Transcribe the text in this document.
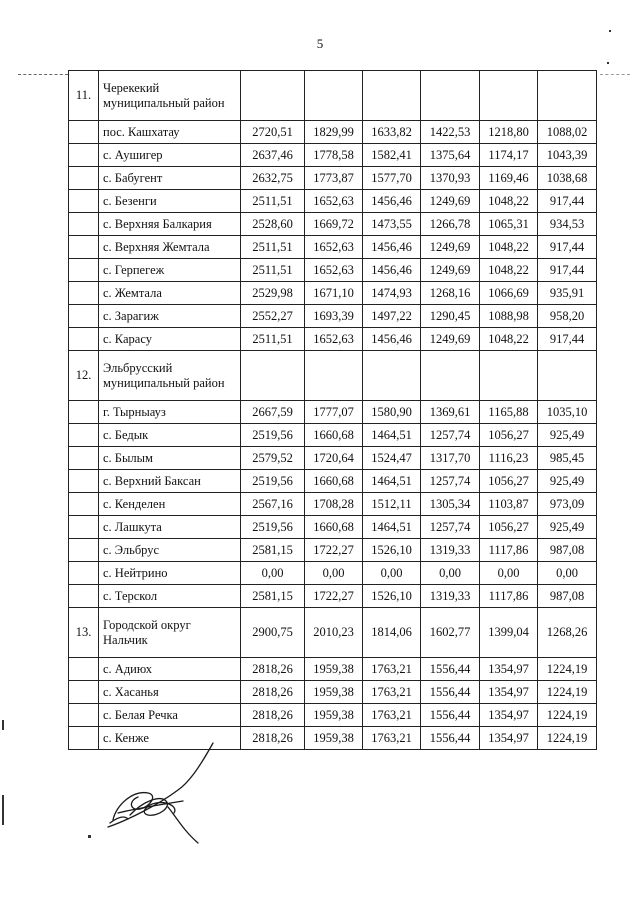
5
11.	Черекекий муниципальный район						
	пос. Кашхатау	2720,51	1829,99	1633,82	1422,53	1218,80	1088,02
	с. Аушигер	2637,46	1778,58	1582,41	1375,64	1174,17	1043,39
	с. Бабугент	2632,75	1773,87	1577,70	1370,93	1169,46	1038,68
	с. Безенги	2511,51	1652,63	1456,46	1249,69	1048,22	917,44
	с. Верхняя Балкария	2528,60	1669,72	1473,55	1266,78	1065,31	934,53
	с. Верхняя Жемтала	2511,51	1652,63	1456,46	1249,69	1048,22	917,44
	с. Герпегеж	2511,51	1652,63	1456,46	1249,69	1048,22	917,44
	с. Жемтала	2529,98	1671,10	1474,93	1268,16	1066,69	935,91
	с. Зарагиж	2552,27	1693,39	1497,22	1290,45	1088,98	958,20
	с. Карасу	2511,51	1652,63	1456,46	1249,69	1048,22	917,44
12.	Эльбрусский муниципальный район						
	г. Тырныауз	2667,59	1777,07	1580,90	1369,61	1165,88	1035,10
	с. Бедык	2519,56	1660,68	1464,51	1257,74	1056,27	925,49
	с. Былым	2579,52	1720,64	1524,47	1317,70	1116,23	985,45
	с. Верхний Баксан	2519,56	1660,68	1464,51	1257,74	1056,27	925,49
	с. Кенделен	2567,16	1708,28	1512,11	1305,34	1103,87	973,09
	с. Лашкута	2519,56	1660,68	1464,51	1257,74	1056,27	925,49
	с. Эльбрус	2581,15	1722,27	1526,10	1319,33	1117,86	987,08
	с. Нейтрино	0,00	0,00	0,00	0,00	0,00	0,00
	с. Терскол	2581,15	1722,27	1526,10	1319,33	1117,86	987,08
13.	Городской округ Нальчик	2900,75	2010,23	1814,06	1602,77	1399,04	1268,26
	с. Адиюх	2818,26	1959,38	1763,21	1556,44	1354,97	1224,19
	с. Хасанья	2818,26	1959,38	1763,21	1556,44	1354,97	1224,19
	с. Белая Речка	2818,26	1959,38	1763,21	1556,44	1354,97	1224,19
	с. Кенже	2818,26	1959,38	1763,21	1556,44	1354,97	1224,19
